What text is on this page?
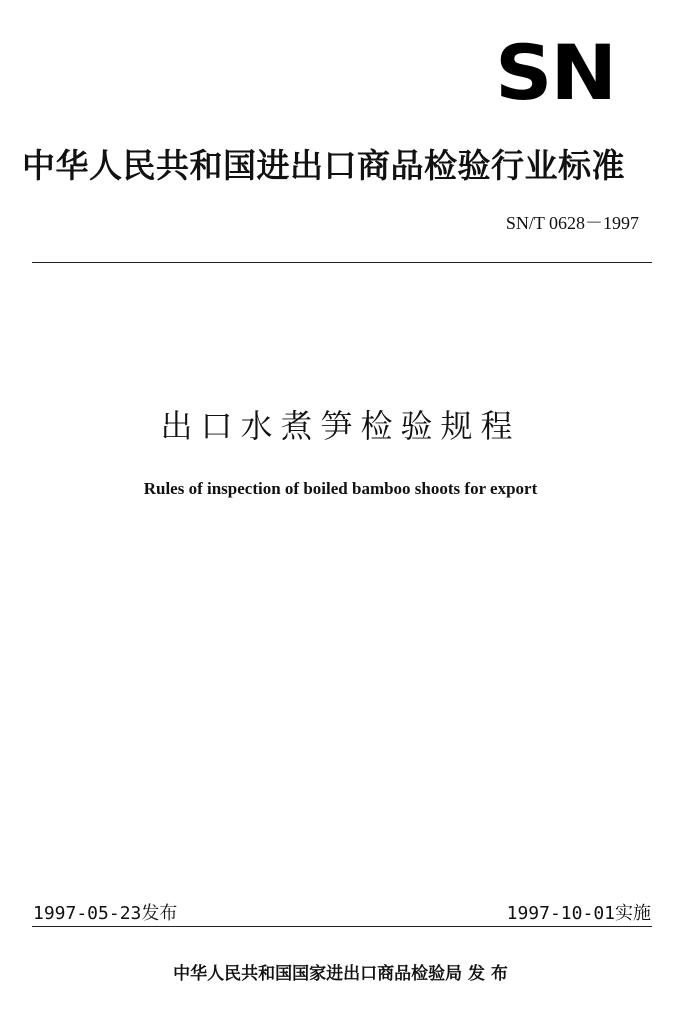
SN
中华人民共和国进出口商品检验行业标准
SN/T 0628－1997
出口水煮笋检验规程
Rules of inspection of boiled bamboo shoots for export
1997-05-23发布	1997-10-01实施
中华人民共和国国家进出口商品检验局 发 布
